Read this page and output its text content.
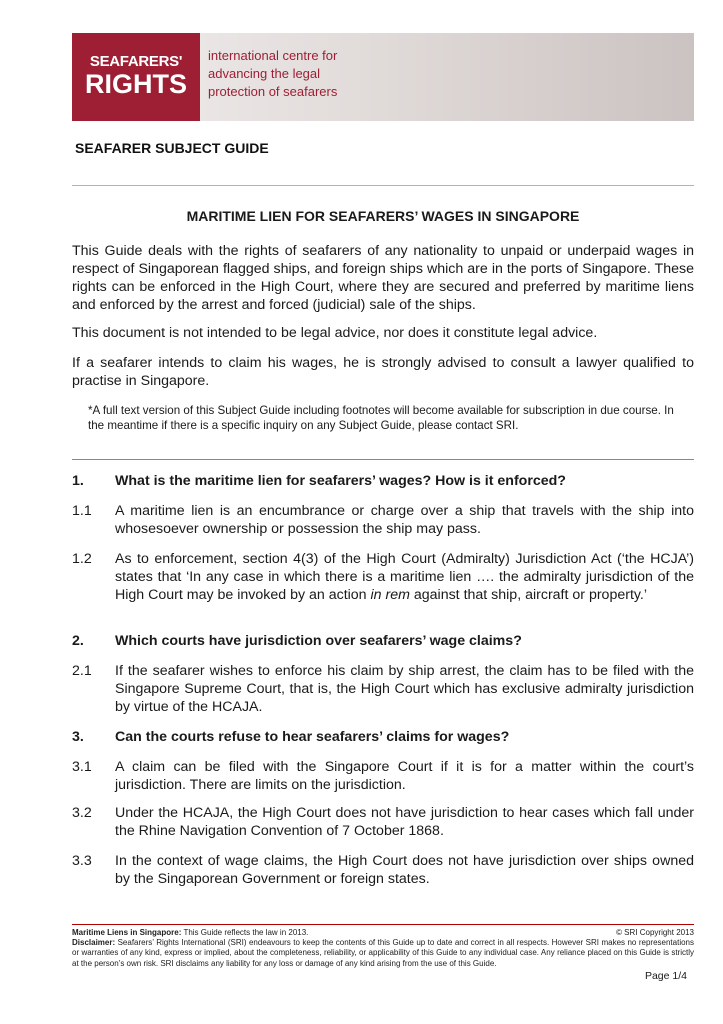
SEAFARERS'
RIGHTS
international centre for
advancing the legal
protection of seafarers
SEAFARER SUBJECT GUIDE
MARITIME LIEN FOR SEAFARERS’ WAGES IN SINGAPORE

This Guide deals with the rights of seafarers of any nationality to unpaid or underpaid wages in respect of Singaporean flagged ships, and foreign ships which are in the ports of Singapore. These rights can be enforced in the High Court, where they are secured and preferred by maritime liens and enforced by the arrest and forced (judicial) sale of the ships.

This document is not intended to be legal advice, nor does it constitute legal advice.

If a seafarer intends to claim his wages, he is strongly advised to consult a lawyer qualified to practise in Singapore.

*A full text version of this Subject Guide including footnotes will become available for subscription in due course. In the meantime if there is a specific inquiry on any Subject Guide, please contact SRI.

1. What is the maritime lien for seafarers’ wages? How is it enforced?
1.1 A maritime lien is an encumbrance or charge over a ship that travels with the ship into whosesoever ownership or possession the ship may pass.
1.2 As to enforcement, section 4(3) of the High Court (Admiralty) Jurisdiction Act (‘the HCJA’) states that ‘In any case in which there is a maritime lien …. the admiralty jurisdiction of the High Court may be invoked by an action in rem against that ship, aircraft or property.’
2. Which courts have jurisdiction over seafarers’ wage claims?
2.1 If the seafarer wishes to enforce his claim by ship arrest, the claim has to be filed with the Singapore Supreme Court, that is, the High Court which has exclusive admiralty jurisdiction by virtue of the HCAJA.
3. Can the courts refuse to hear seafarers’ claims for wages?
3.1 A claim can be filed with the Singapore Court if it is for a matter within the court’s jurisdiction. There are limits on the jurisdiction.
3.2 Under the HCAJA, the High Court does not have jurisdiction to hear cases which fall under the Rhine Navigation Convention of 7 October 1868.
3.3 In the context of wage claims, the High Court does not have jurisdiction over ships owned by the Singaporean Government or foreign states.
Maritime Liens in Singapore: This Guide reflects the law in 2013.
Disclaimer: Seafarers’ Rights International (SRI) endeavours to keep the contents of this Guide up to date and correct in all respects. However SRI makes no representations or warranties of any kind, express or implied, about the completeness, reliability, or applicability of this Guide to any individual case. Any reliance placed on this Guide is strictly at the person’s own risk. SRI disclaims any liability for any loss or damage of any kind arising from the use of this Guide.
© SRI Copyright 2013
Page 1/4
